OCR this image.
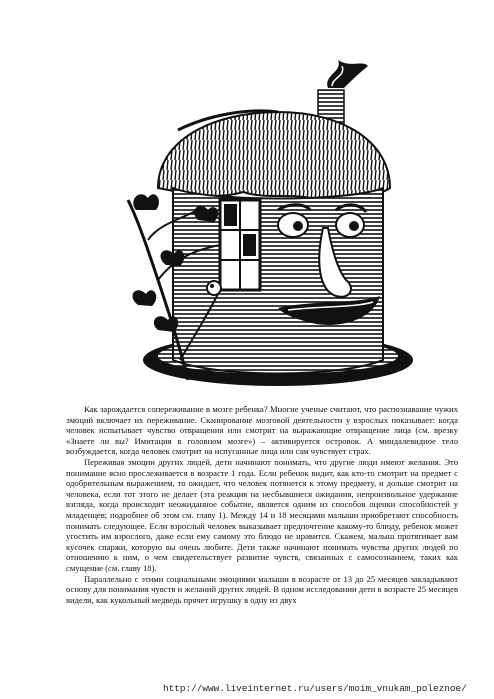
Как зарождается сопереживание в мозге ребенка? Многие ученые считают, что распознавание чужих эмоций включает их переживание. Сканирование мозговой деятельности у взрослых показывает: когда человек испытывает чувство отвращения или смотрит на выражающие отвращение лица (см. врезку «Знаете ли вы? Имитация в головном мозге») – активируется островок. А миндалевидное тело возбуждается, когда человек смотрит на испуганные лица или сам чувствует страх.

Переживая эмоции других людей, дети начинают понимать, что другие люди имеют желания. Это понимание ясно прослеживается в возрасте 1 года. Если ребенок видит, как кто-то смотрит на предмет с одобрительным выражением, то ожидает, что человек потянется к этому предмету, и дольше смотрит на человека, если тот этого не делает (эта реакция на несбывшиеся ожидания, непроизвольное удержание взгляда, когда происходит неожиданное событие, является одним из способов оценки способностей у младенцев; подробнее об этом см. главу 1). Между 14 и 18 месяцами малыши приобретают способность понимать следующее. Если взрослый человек выказывает предпочтение какому-то блюду, ребенок может угостить им взрослого, даже если ему самому это блюдо не нравится. Скажем, малыш протягивает вам кусочек спаржи, которую вы очень любите. Дети также начинают понимать чувства других людей по отношению к ним, о чем свидетельствует развитие чувств, связанных с самосознанием, таких как смущение (см. главу 18).

Параллельно с этими социальными эмоциями малыши в возрасте от 13 до 25 месяцев закладывают основу для понимания чувств и желаний других людей. В одном исследовании дети в возрасте 25 месяцев видели, как кукольный медведь прячет игрушку в одну из двух

http://www.liveinternet.ru/users/moim_vnukam_poleznoe/
